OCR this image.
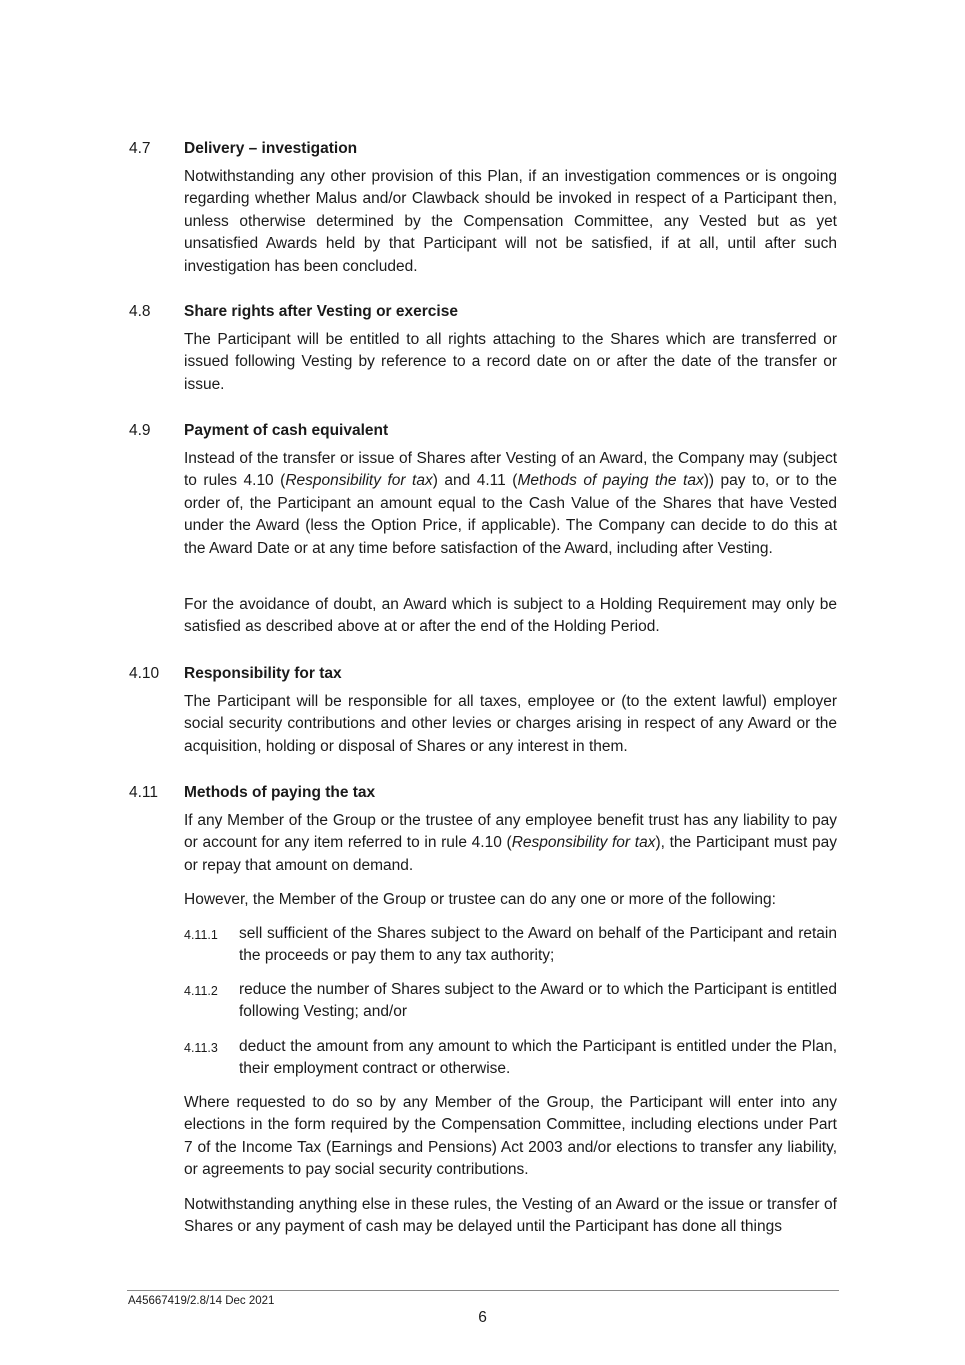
4.7 Delivery – investigation

Notwithstanding any other provision of this Plan, if an investigation commences or is ongoing regarding whether Malus and/or Clawback should be invoked in respect of a Participant then, unless otherwise determined by the Compensation Committee, any Vested but as yet unsatisfied Awards held by that Participant will not be satisfied, if at all, until after such investigation has been concluded.

4.8 Share rights after Vesting or exercise

The Participant will be entitled to all rights attaching to the Shares which are transferred or issued following Vesting by reference to a record date on or after the date of the transfer or issue.

4.9 Payment of cash equivalent

Instead of the transfer or issue of Shares after Vesting of an Award, the Company may (subject to rules 4.10 (Responsibility for tax) and 4.11 (Methods of paying the tax)) pay to, or to the order of, the Participant an amount equal to the Cash Value of the Shares that have Vested under the Award (less the Option Price, if applicable). The Company can decide to do this at the Award Date or at any time before satisfaction of the Award, including after Vesting.

For the avoidance of doubt, an Award which is subject to a Holding Requirement may only be satisfied as described above at or after the end of the Holding Period.

4.10 Responsibility for tax

The Participant will be responsible for all taxes, employee or (to the extent lawful) employer social security contributions and other levies or charges arising in respect of any Award or the acquisition, holding or disposal of Shares or any interest in them.

4.11 Methods of paying the tax

If any Member of the Group or the trustee of any employee benefit trust has any liability to pay or account for any item referred to in rule 4.10 (Responsibility for tax), the Participant must pay or repay that amount on demand.

However, the Member of the Group or trustee can do any one or more of the following:

4.11.1 sell sufficient of the Shares subject to the Award on behalf of the Participant and retain the proceeds or pay them to any tax authority;

4.11.2 reduce the number of Shares subject to the Award or to which the Participant is entitled following Vesting; and/or

4.11.3 deduct the amount from any amount to which the Participant is entitled under the Plan, their employment contract or otherwise.

Where requested to do so by any Member of the Group, the Participant will enter into any elections in the form required by the Compensation Committee, including elections under Part 7 of the Income Tax (Earnings and Pensions) Act 2003 and/or elections to transfer any liability, or agreements to pay social security contributions.

Notwithstanding anything else in these rules, the Vesting of an Award or the issue or transfer of Shares or any payment of cash may be delayed until the Participant has done all things

A45667419/2.8/14 Dec 2021
6
